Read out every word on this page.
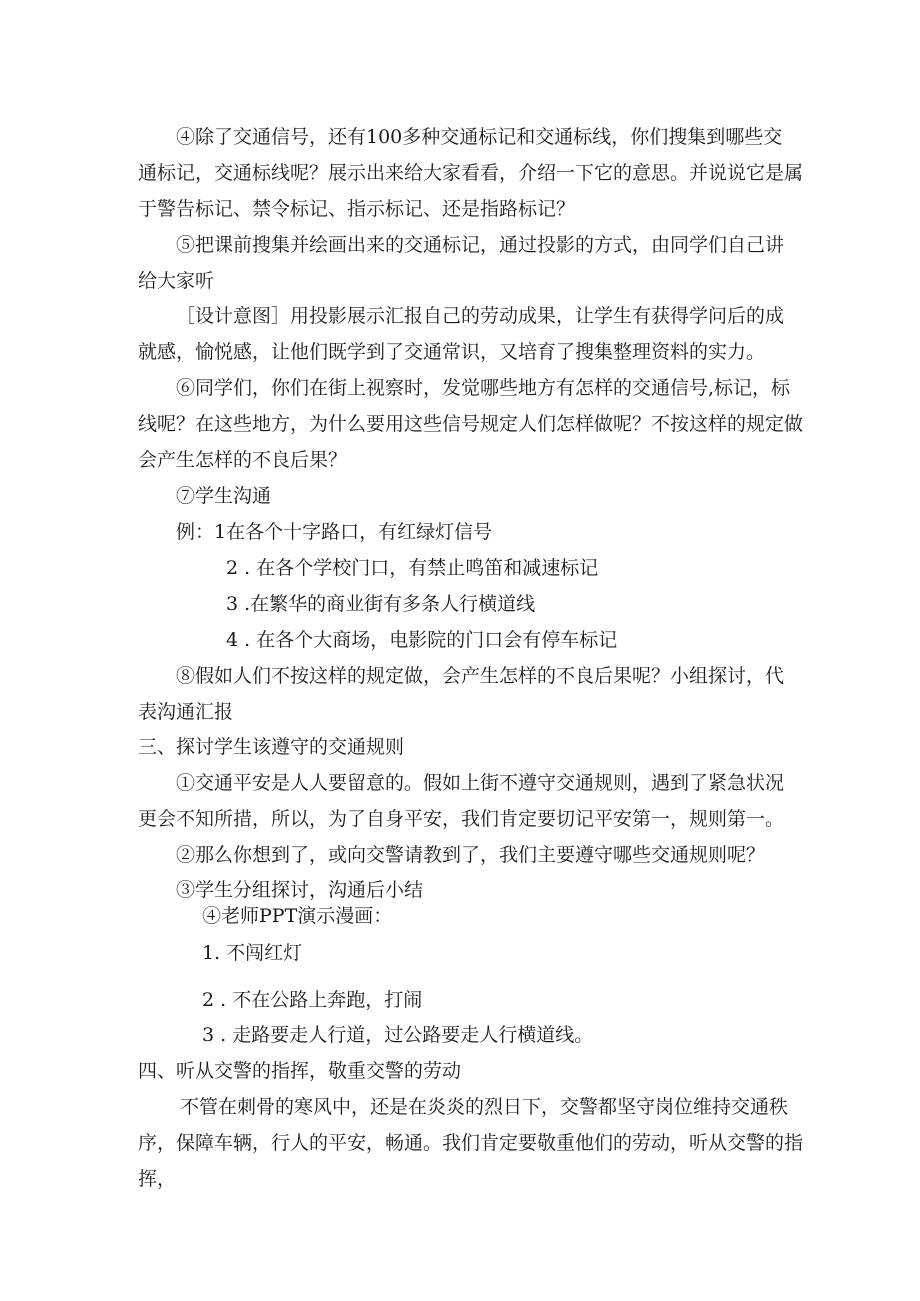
④除了交通信号，还有100多种交通标记和交通标线，你们搜集到哪些交
通标记，交通标线呢？展示出来给大家看看，介绍一下它的意思。并说说它是属
于警告标记、禁令标记、指示标记、还是指路标记？
⑤把课前搜集并绘画出来的交通标记，通过投影的方式，由同学们自己讲
给大家听
［设计意图］用投影展示汇报自己的劳动成果，让学生有获得学问后的成
就感，愉悦感，让他们既学到了交通常识，又培育了搜集整理资料的实力。
⑥同学们，你们在街上视察时，发觉哪些地方有怎样的交通信号,标记，标
线呢？在这些地方，为什么要用这些信号规定人们怎样做呢？不按这样的规定做
会产生怎样的不良后果？
⑦学生沟通
例：1在各个十字路口，有红绿灯信号
2 . 在各个学校门口，有禁止鸣笛和减速标记
3 .在繁华的商业街有多条人行横道线
4 . 在各个大商场，电影院的门口会有停车标记
⑧假如人们不按这样的规定做，会产生怎样的不良后果呢？小组探讨，代
表沟通汇报
三、探讨学生该遵守的交通规则
①交通平安是人人要留意的。假如上街不遵守交通规则，遇到了紧急状况
更会不知所措，所以，为了自身平安，我们肯定要切记平安第一，规则第一。
②那么你想到了，或向交警请教到了，我们主要遵守哪些交通规则呢？
③学生分组探讨，沟通后小结
④老师PPT演示漫画：
1. 不闯红灯
2 . 不在公路上奔跑，打闹
3 . 走路要走人行道，过公路要走人行横道线。
四、听从交警的指挥，敬重交警的劳动
不管在刺骨的寒风中，还是在炎炎的烈日下，交警都坚守岗位维持交通秩
序，保障车辆，行人的平安，畅通。我们肯定要敬重他们的劳动，听从交警的指
挥，
